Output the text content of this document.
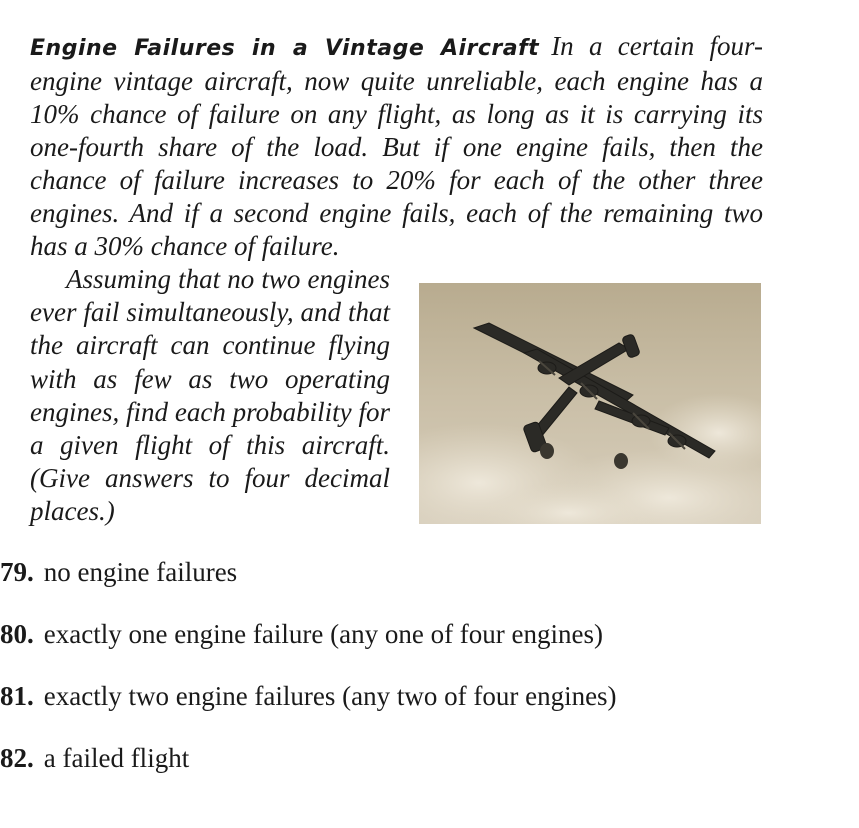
Engine Failures in a Vintage Aircraft In a certain four-engine vintage aircraft, now quite unreliable, each engine has a 10% chance of failure on any flight, as long as it is carrying its one-fourth share of the load. But if one engine fails, then the chance of failure increases to 20% for each of the other three engines. And if a second engine fails, each of the remaining two has a 30% chance of failure.

Assuming that no two engines ever fail simultaneously, and that the aircraft can continue flying with as few as two operating engines, find each probability for a given flight of this aircraft. (Give answers to four decimal places.)

79. no engine failures
80. exactly one engine failure (any one of four engines)
81. exactly two engine failures (any two of four engines)
82. a failed flight
